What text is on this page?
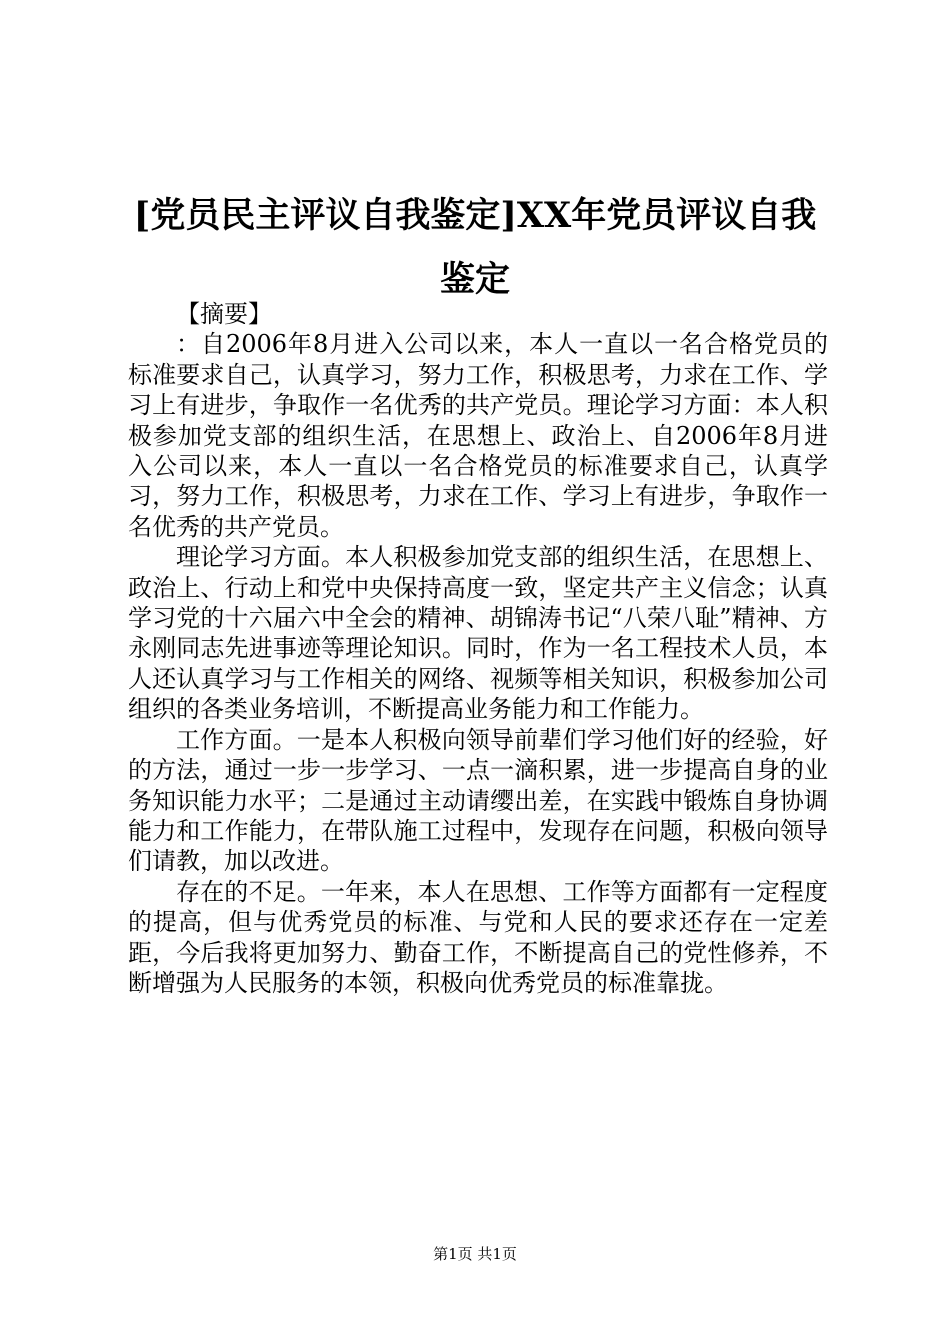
[党员民主评议自我鉴定]XX年党员评议自我鉴定

【摘要】

：自2006年8月进入公司以来，本人一直以一名合格党员的标准要求自己，认真学习，努力工作，积极思考，力求在工作、学习上有进步，争取作一名优秀的共产党员。理论学习方面：本人积极参加党支部的组织生活，在思想上、政治上、自2006年8月进入公司以来，本人一直以一名合格党员的标准要求自己，认真学习，努力工作，积极思考，力求在工作、学习上有进步，争取作一名优秀的共产党员。

理论学习方面。本人积极参加党支部的组织生活，在思想上、政治上、行动上和党中央保持高度一致，坚定共产主义信念；认真学习党的十六届六中全会的精神、胡锦涛书记“八荣八耻”精神、方永刚同志先进事迹等理论知识。同时，作为一名工程技术人员，本人还认真学习与工作相关的网络、视频等相关知识，积极参加公司组织的各类业务培训，不断提高业务能力和工作能力。

工作方面。一是本人积极向领导前辈们学习他们好的经验，好的方法，通过一步一步学习、一点一滴积累，进一步提高自身的业务知识能力水平；二是通过主动请缨出差，在实践中锻炼自身协调能力和工作能力，在带队施工过程中，发现存在问题，积极向领导们请教，加以改进。

存在的不足。一年来，本人在思想、工作等方面都有一定程度的提高，但与优秀党员的标准、与党和人民的要求还存在一定差距，今后我将更加努力、勤奋工作，不断提高自己的党性修养，不断增强为人民服务的本领，积极向优秀党员的标准靠拢。

第1页 共1页
